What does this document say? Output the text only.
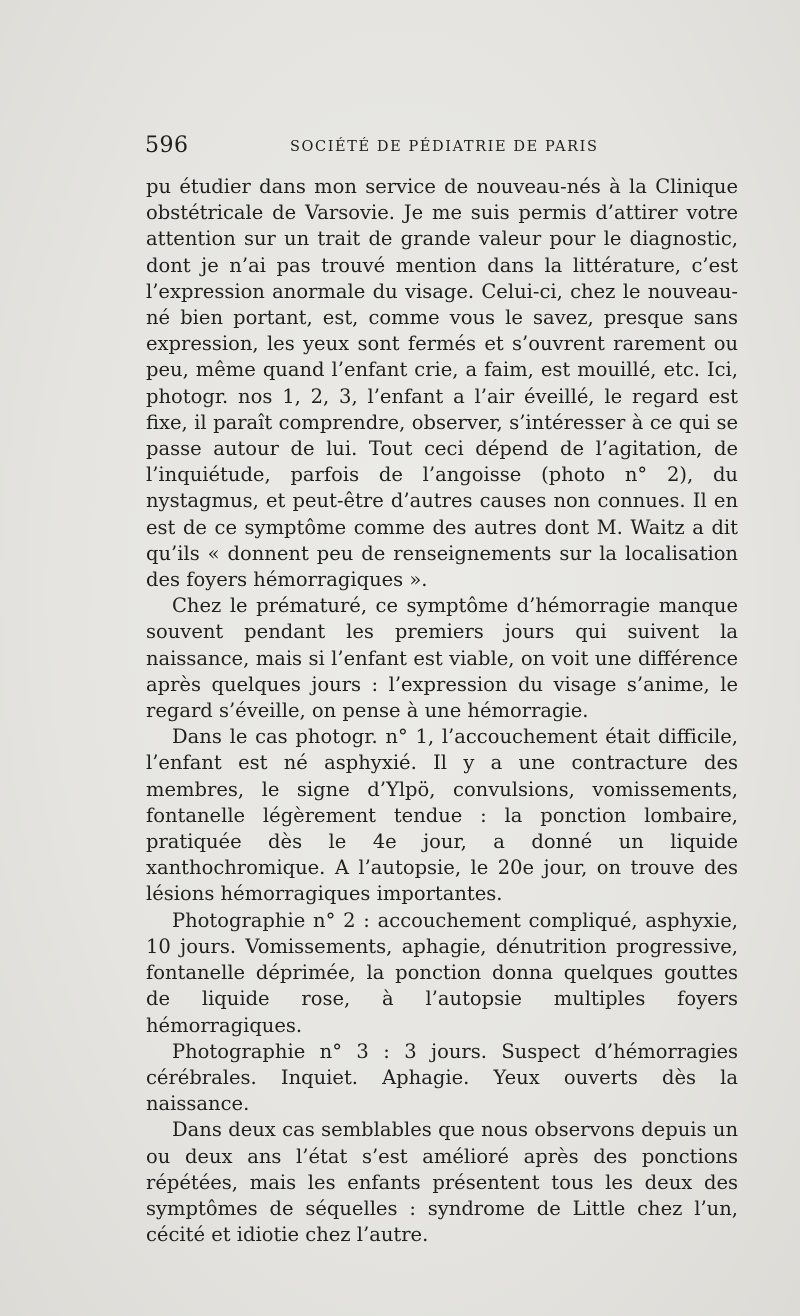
596	SOCIÉTÉ DE PÉDIATRIE DE PARIS

pu étudier dans mon service de nouveau-nés à la Clinique obstétricale de Varsovie. Je me suis permis d’attirer votre attention sur un trait de grande valeur pour le diagnostic, dont je n’ai pas trouvé mention dans la littérature, c’est l’expression anormale du visage. Celui-ci, chez le nouveau-né bien portant, est, comme vous le savez, presque sans expression, les yeux sont fermés et s’ouvrent rarement ou peu, même quand l’enfant crie, a faim, est mouillé, etc. Ici, photogr. nos 1, 2, 3, l’enfant a l’air éveillé, le regard est fixe, il paraît comprendre, observer, s’intéresser à ce qui se passe autour de lui. Tout ceci dépend de l’agitation, de l’inquiétude, parfois de l’angoisse (photo n° 2), du nystagmus, et peut-être d’autres causes non connues. Il en est de ce symptôme comme des autres dont M. Waitz a dit qu’ils « donnent peu de renseignements sur la localisation des foyers hémorragiques ».

Chez le prématuré, ce symptôme d’hémorragie manque souvent pendant les premiers jours qui suivent la naissance, mais si l’enfant est viable, on voit une différence après quelques jours : l’expression du visage s’anime, le regard s’éveille, on pense à une hémorragie.

Dans le cas photogr. n° 1, l’accouchement était difficile, l’enfant est né asphyxié. Il y a une contracture des membres, le signe d’Ylpö, convulsions, vomissements, fontanelle légèrement tendue : la ponction lombaire, pratiquée dès le 4e jour, a donné un liquide xanthochromique. A l’autopsie, le 20e jour, on trouve des lésions hémorragiques importantes.

Photographie n° 2 : accouchement compliqué, asphyxie, 10 jours. Vomissements, aphagie, dénutrition progressive, fontanelle déprimée, la ponction donna quelques gouttes de liquide rose, à l’autopsie multiples foyers hémorragiques.

Photographie n° 3 : 3 jours. Suspect d’hémorragies cérébrales. Inquiet. Aphagie. Yeux ouverts dès la naissance.

Dans deux cas semblables que nous observons depuis un ou deux ans l’état s’est amélioré après des ponctions répétées, mais les enfants présentent tous les deux des symptômes de séquelles : syndrome de Little chez l’un, cécité et idiotie chez l’autre.
